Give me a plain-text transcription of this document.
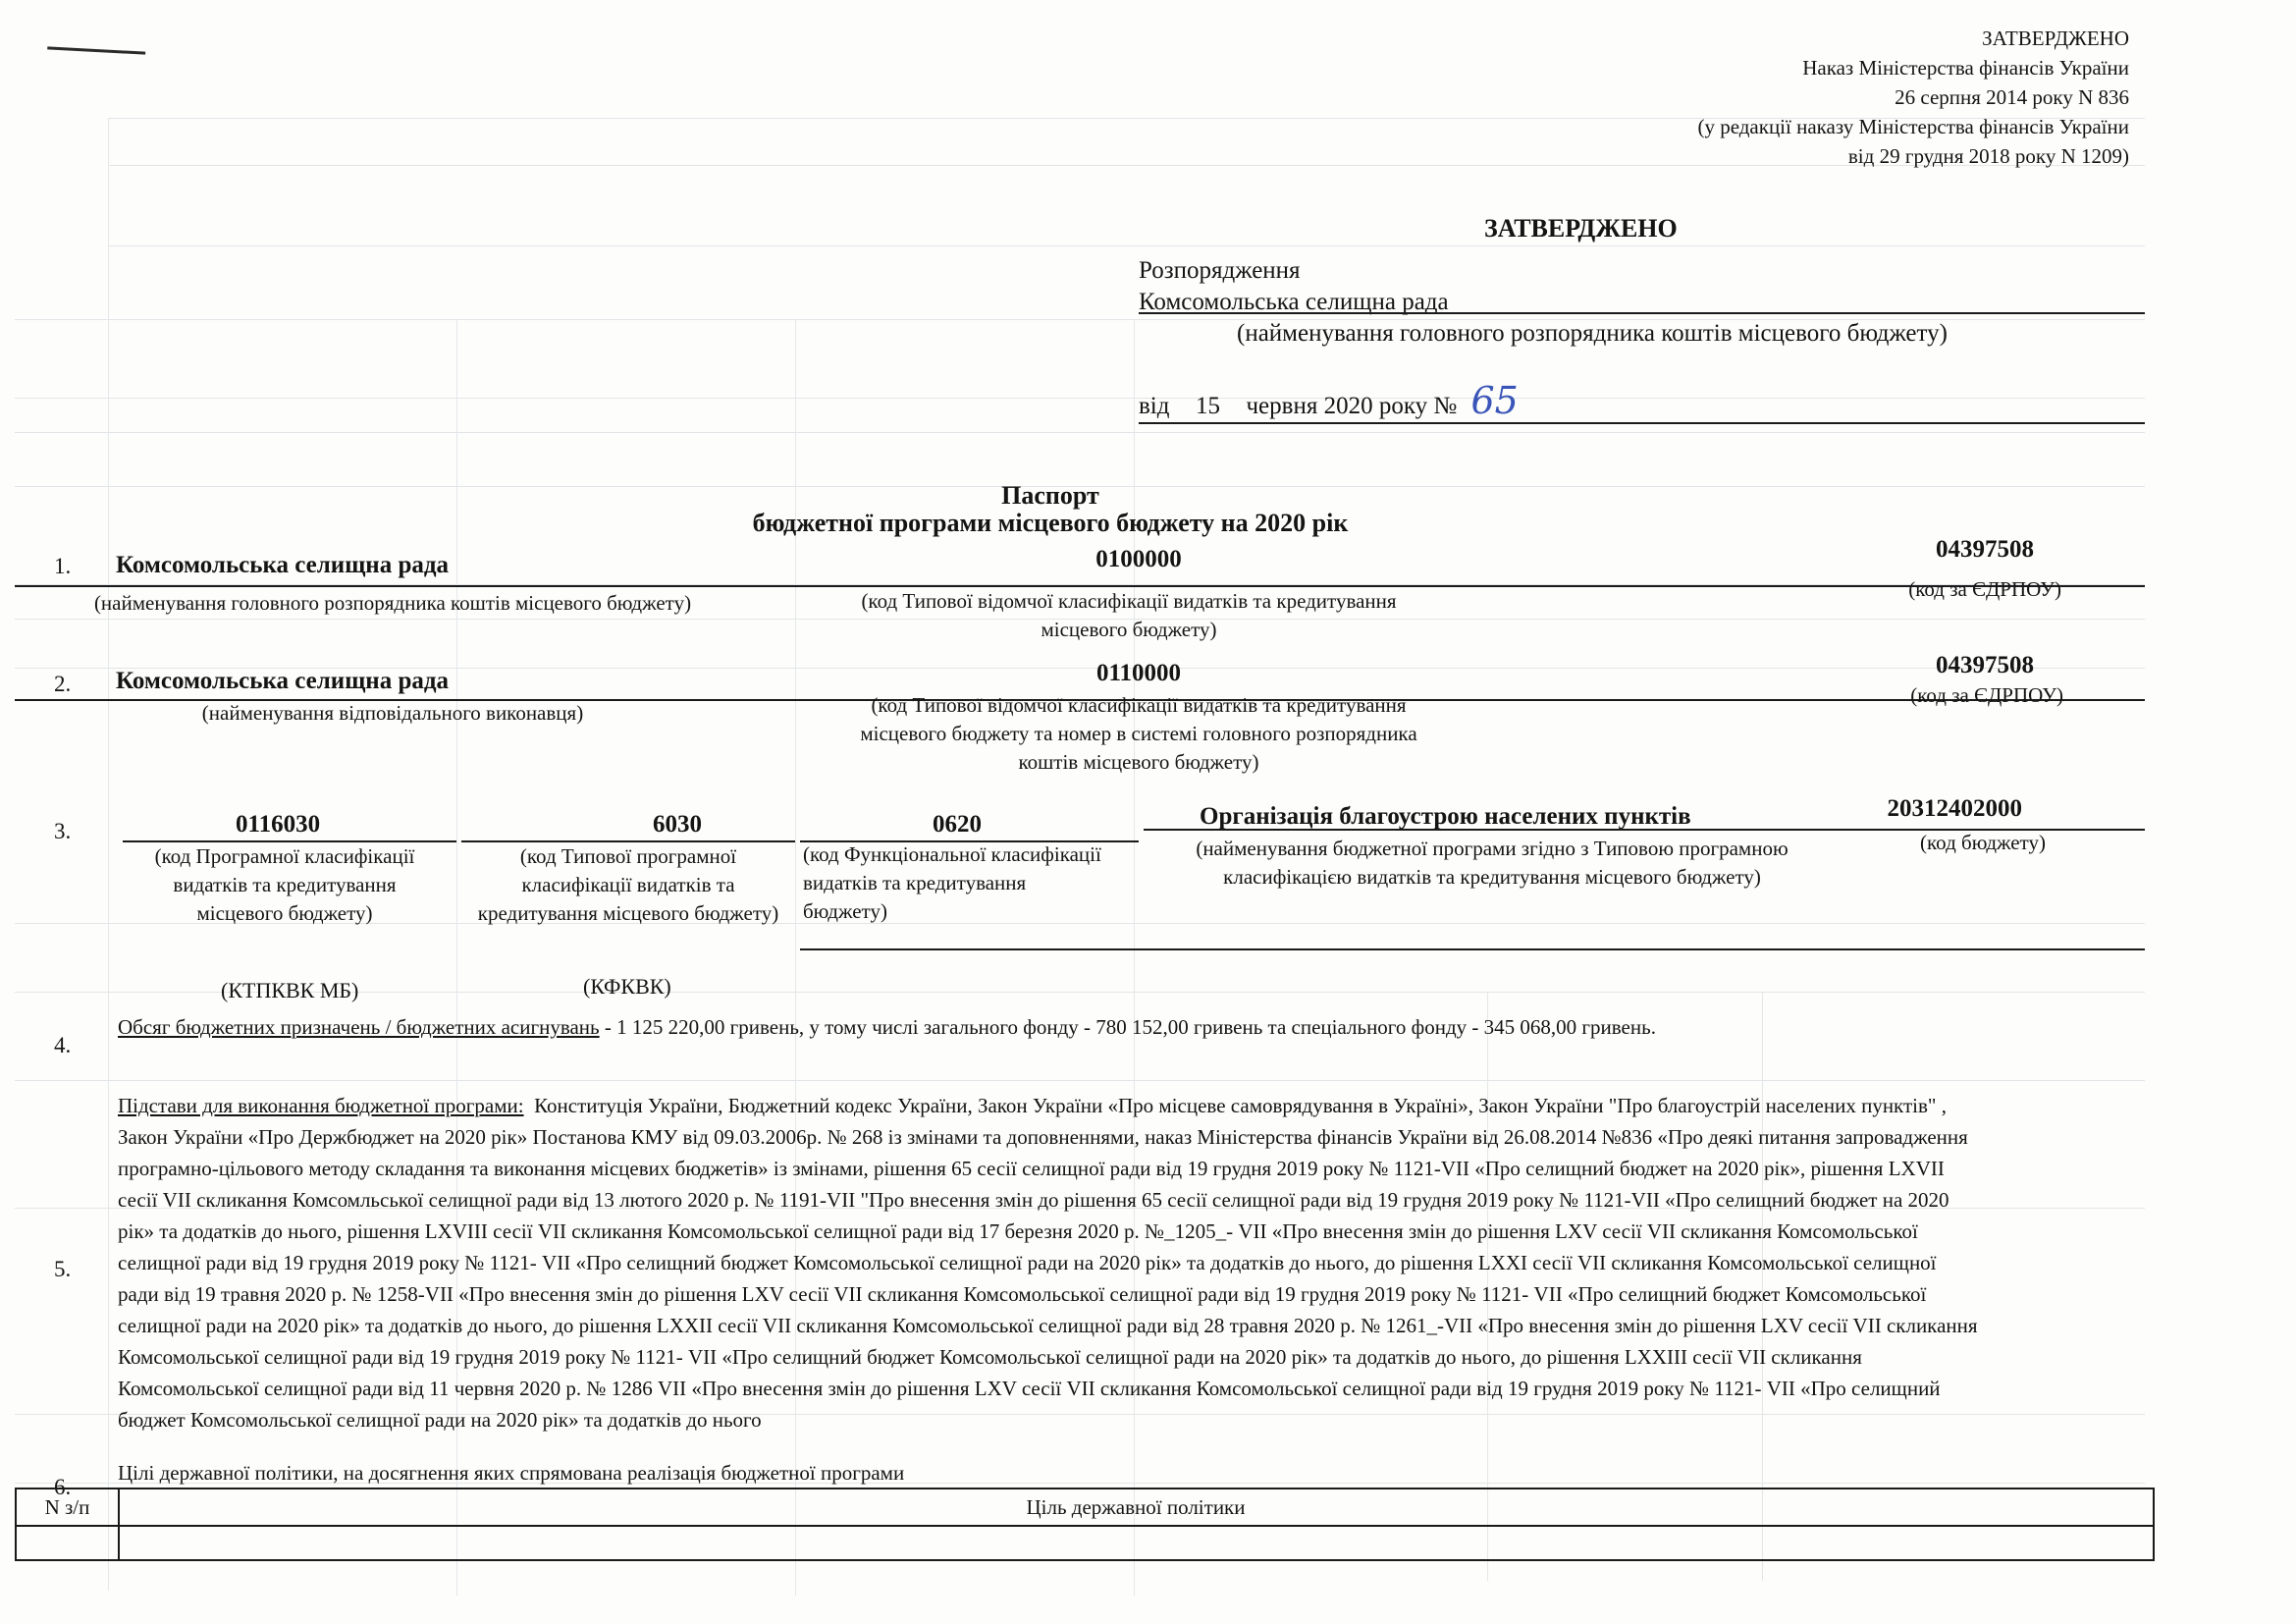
ЗАТВЕРДЖЕНО
Наказ Міністерства фінансів України
26 серпня 2014 року N 836
(у редакції наказу Міністерства фінансів України
від 29 грудня 2018 року N 1209)
ЗАТВЕРДЖЕНО
Розпорядження
Комсомольська селищна рада
(найменування головного розпорядника коштів місцевого бюджету)
від 15 червня 2020 року № 65
Паспорт
бюджетної програми місцевого бюджету на 2020 рік
1. Комсомольська селищна рада	0100000	04397508
(найменування головного розпорядника коштів місцевого бюджету)	(код Типової відомчої класифікації видатків та кредитування
місцевого бюджету)
(код за ЄДРПОУ)
2. Комсомольська селищна рада	0110000	04397508
(найменування відповідального виконавця)	(код Типової відомчої класифікації видатків та кредитування
місцевого бюджету та номер в системі головного розпорядника
коштів місцевого бюджету)
(код за ЄДРПОУ)
3.	0116030	6030	0620	Організація благоустрою населених пунктів	20312402000
(код Програмної класифікації
видатків та кредитування
місцевого бюджету)
(код Типової програмної
класифікації видатків та
кредитування місцевого бюджету)
(код Функціональної класифікації
видатків та кредитування
бюджету)
(найменування бюджетної програми згідно з Типовою програмною
класифікацією видатків та кредитування місцевого бюджету)
(код бюджету)
(КТПКВК МБ)	(КФКВК)
4.
Обсяг бюджетних призначень / бюджетних асигнувань - 1 125 220,00 гривень, у тому числі загального фонду - 780 152,00 гривень та спеціального фонду - 345 068,00 гривень.
5.
Підстави для виконання бюджетної програми: Конституція України, Бюджетний кодекс України, Закон України «Про місцеве самоврядування в Україні», Закон України "Про благоустрій населених пунктів" ,
Закон України «Про Держбюджет на 2020 рік» Постанова КМУ від 09.03.2006р. № 268 із змінами та доповненнями, наказ Міністерства фінансів України від 26.08.2014 №836 «Про деякі питання запровадження
програмно-цільового методу складання та виконання місцевих бюджетів» із змінами, рішення 65 сесії селищної ради від 19 грудня 2019 року № 1121-VII «Про селищний бюджет на 2020 рік», рішення LXVII
сесії VII скликання Комсомльської селищної ради від 13 лютого 2020 р. № 1191-VII "Про внесення змін до рішення 65 сесії селищної ради від 19 грудня 2019 року № 1121-VII «Про селищний бюджет на 2020
рік» та додатків до нього, рішення LXVIII сесії VII скликання Комсомольської селищної ради від 17 березня 2020 р. №_1205_- VII «Про внесення змін до рішення LXV сесії VII скликання Комсомольської
селищної ради від 19 грудня 2019 року № 1121- VII «Про селищний бюджет Комсомольської селищної ради на 2020 рік» та додатків до нього, до рішення LXXI сесії VII скликання Комсомольської селищної
ради від 19 травня 2020 р. № 1258-VII «Про внесення змін до рішення LXV сесії VII скликання Комсомольської селищної ради від 19 грудня 2019 року № 1121- VII «Про селищний бюджет Комсомольської
селищної ради на 2020 рік» та додатків до нього, до рішення LXXII сесії VII скликання Комсомольської селищної ради від 28 травня 2020 р. № 1261_-VII «Про внесення змін до рішення LXV сесії VII скликання
Комсомольської селищної ради від 19 грудня 2019 року № 1121- VII «Про селищний бюджет Комсомольської селищної ради на 2020 рік» та додатків до нього, до рішення LXXIII сесії VII скликання
Комсомольської селищної ради від 11 червня 2020 р. № 1286 VII «Про внесення змін до рішення LXV сесії VII скликання Комсомольської селищної ради від 19 грудня 2019 року № 1121- VII «Про селищний
бюджет Комсомольської селищної ради на 2020 рік» та додатків до нього
6.
Цілі державної політики, на досягнення яких спрямована реалізація бюджетної програми
N з/п	Ціль державної політики
